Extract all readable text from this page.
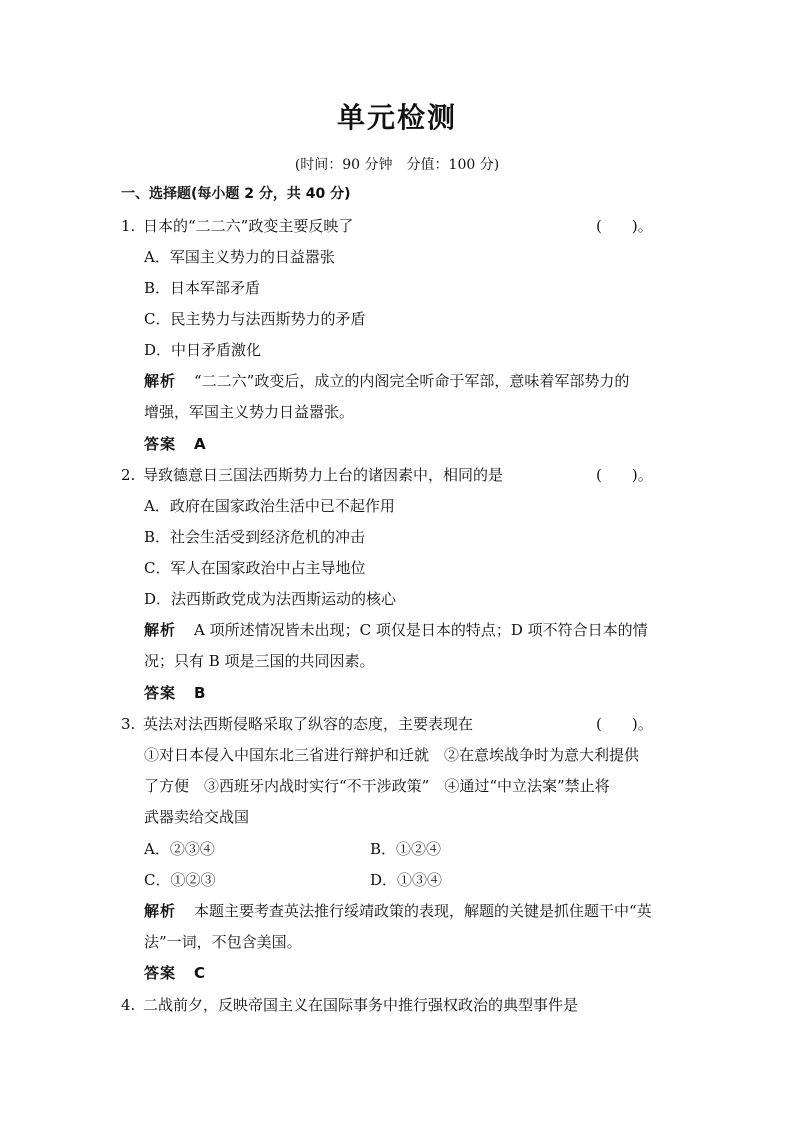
单元检测
(时间：90 分钟　分值：100 分)
一、选择题(每小题 2 分，共 40 分)
1. 日本的“二二六”政变主要反映了	(　　)。
A．军国主义势力的日益嚣张
B．日本军部矛盾
C．民主势力与法西斯势力的矛盾
D．中日矛盾激化
解析 “二二六”政变后，成立的内阁完全听命于军部，意味着军部势力的
增强，军国主义势力日益嚣张。
答案 A
2. 导致德意日三国法西斯势力上台的诸因素中，相同的是	(　　)。
A．政府在国家政治生活中已不起作用
B．社会生活受到经济危机的冲击
C．军人在国家政治中占主导地位
D．法西斯政党成为法西斯运动的核心
解析 A 项所述情况皆未出现；C 项仅是日本的特点；D 项不符合日本的情
况；只有 B 项是三国的共同因素。
答案 B
3. 英法对法西斯侵略采取了纵容的态度，主要表现在	(　　)。
①对日本侵入中国东北三省进行辩护和迁就　②在意埃战争时为意大利提供
了方便　③西班牙内战时实行“不干涉政策”　④通过“中立法案”禁止将
武器卖给交战国
A．②③④	B．①②④
C．①②③	D．①③④
解析 本题主要考查英法推行绥靖政策的表现，解题的关键是抓住题干中“英
法”一词，不包含美国。
答案 C
4. 二战前夕，反映帝国主义在国际事务中推行强权政治的典型事件是
